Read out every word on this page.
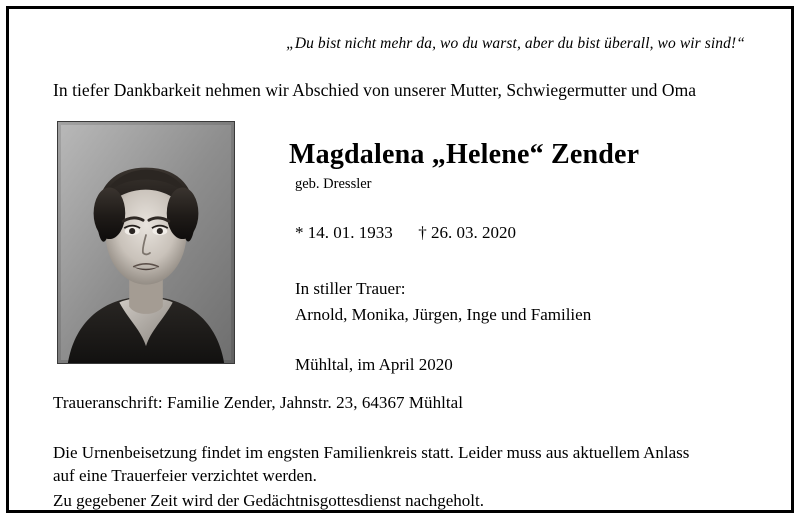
„Du bist nicht mehr da, wo du warst, aber du bist überall, wo wir sind!“

In tiefer Dankbarkeit nehmen wir Abschied von unserer Mutter, Schwiegermutter und Oma

Magdalena „Helene“ Zender
geb. Dressler
* 14. 01. 1933      † 26. 03. 2020
In stiller Trauer:
Arnold, Monika, Jürgen, Inge und Familien
Mühltal, im April 2020

Traueranschrift: Familie Zender, Jahnstr. 23, 64367 Mühltal

Die Urnenbeisetzung findet im engsten Familienkreis statt. Leider muss aus aktuellem Anlass
auf eine Trauerfeier verzichtet werden.
Zu gegebener Zeit wird der Gedächtnisgottesdienst nachgeholt.
